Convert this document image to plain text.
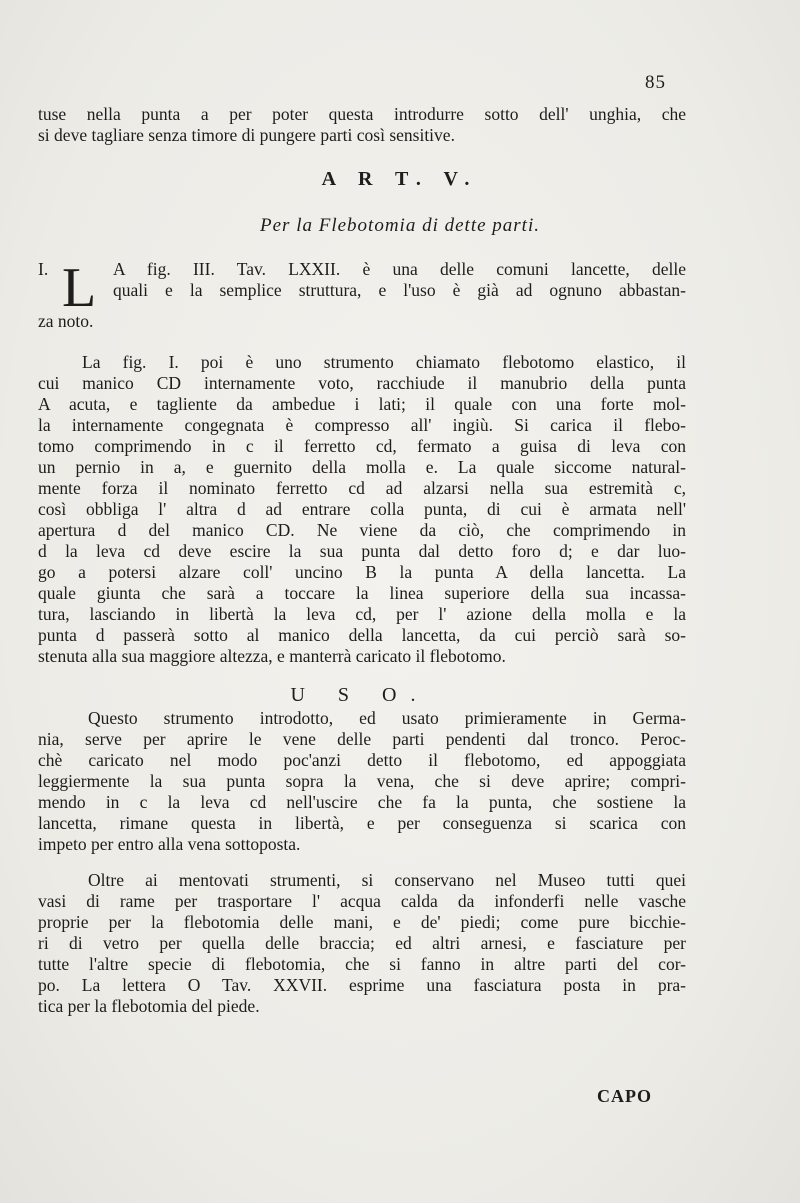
85
tuse nella punta a per poter questa introdurre sotto dell' unghia, che
si deve tagliare senza timore di pungere parti così sensitive.
A R T. V.
Per la Flebotomia di dette parti.
I. L A fig. III. Tav. LXXII. è una delle comuni lancette, delle
quali e la semplice struttura, e l'uso è già ad ognuno abbastan-
za noto.
La fig. I. poi è uno strumento chiamato flebotomo elastico, il
cui manico CD internamente voto, racchiude il manubrio della punta
A acuta, e tagliente da ambedue i lati; il quale con una forte mol-
la internamente congegnata è compresso all' ingiù. Si carica il flebo-
tomo comprimendo in c il ferretto cd, fermato a guisa di leva con
un pernio in a, e guernito della molla e. La quale siccome natural-
mente forza il nominato ferretto cd ad alzarsi nella sua estremità c,
così obbliga l' altra d ad entrare colla punta, di cui è armata nell'
apertura d del manico CD. Ne viene da ciò, che comprimendo in
d la leva cd deve escire la sua punta dal detto foro d; e dar luo-
go a potersi alzare coll' uncino B la punta A della lancetta. La
quale giunta che sarà a toccare la linea superiore della sua incassa-
tura, lasciando in libertà la leva cd, per l' azione della molla e la
punta d passerà sotto al manico della lancetta, da cui perciò sarà so-
stenuta alla sua maggiore altezza, e manterrà caricato il flebotomo.
U S O.
Questo strumento introdotto, ed usato primieramente in Germa-
nia, serve per aprire le vene delle parti pendenti dal tronco. Peroc-
chè caricato nel modo poc'anzi detto il flebotomo, ed appoggiata
leggiermente la sua punta sopra la vena, che si deve aprire; compri-
mendo in c la leva cd nell'uscire che fa la punta, che sostiene la
lancetta, rimane questa in libertà, e per conseguenza si scarica con
impeto per entro alla vena sottoposta.
Oltre ai mentovati strumenti, si conservano nel Museo tutti quei
vasi di rame per trasportare l' acqua calda da infonderfi nelle vasche
proprie per la flebotomia delle mani, e de' piedi; come pure bicchie-
ri di vetro per quella delle braccia; ed altri arnesi, e fasciature per
tutte l'altre specie di flebotomia, che si fanno in altre parti del cor-
po. La lettera O Tav. XXVII. esprime una fasciatura posta in pra-
tica per la flebotomia del piede.
CAPO
